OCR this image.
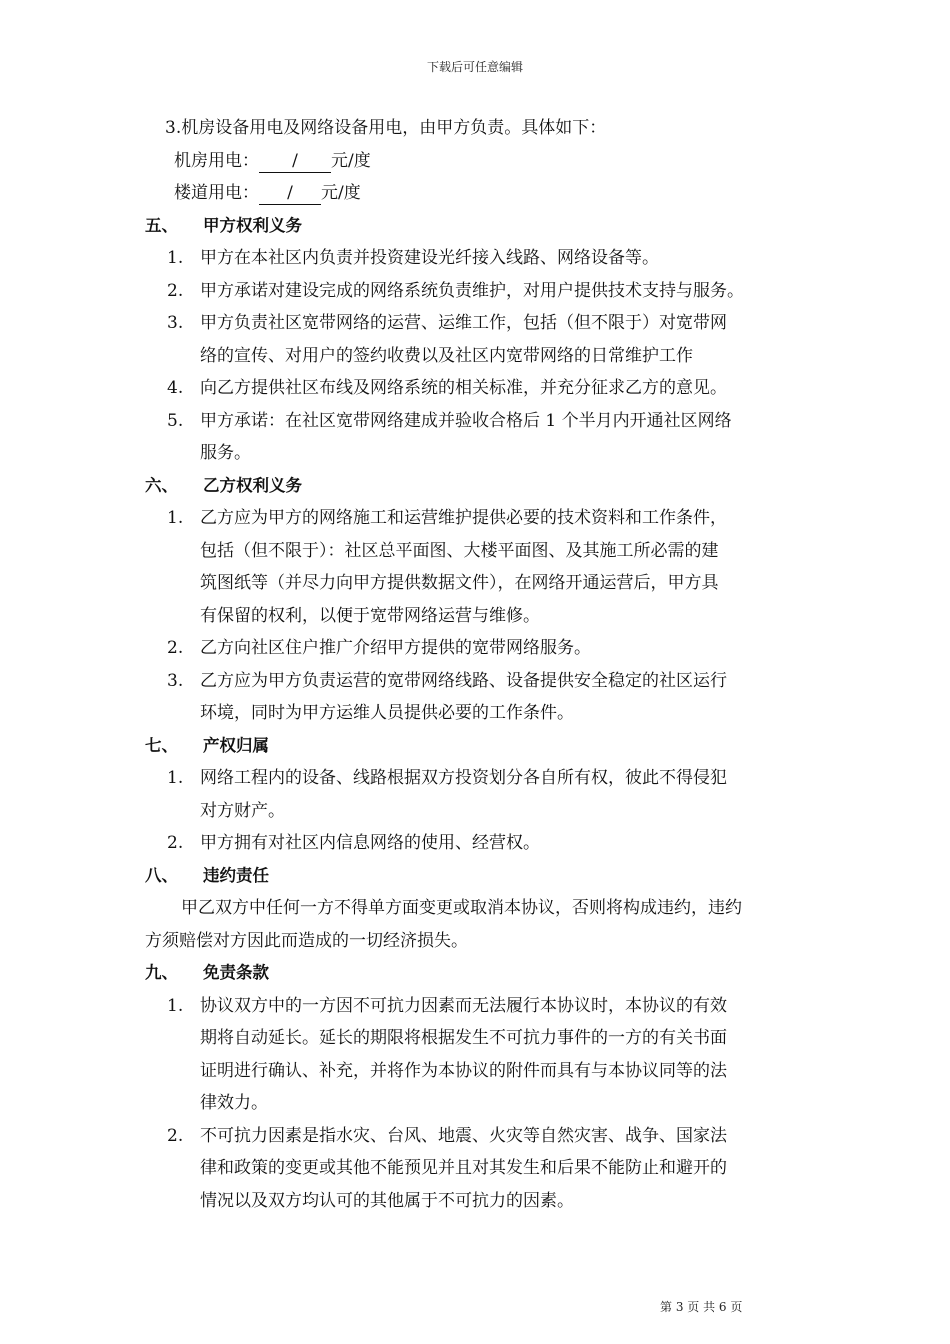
下载后可任意编辑
3.机房设备用电及网络设备用电，由甲方负责。具体如下：
机房用电： / 元/度
楼道用电： / 元/度
五、	甲方权利义务
1. 甲方在本社区内负责并投资建设光纤接入线路、网络设备等。
2. 甲方承诺对建设完成的网络系统负责维护，对用户提供技术支持与服务。
3. 甲方负责社区宽带网络的运营、运维工作，包括（但不限于）对宽带网
络的宣传、对用户的签约收费以及社区内宽带网络的日常维护工作
4. 向乙方提供社区布线及网络系统的相关标准，并充分征求乙方的意见。
5. 甲方承诺：在社区宽带网络建成并验收合格后 1 个半月内开通社区网络
服务。
六、	乙方权利义务
1. 乙方应为甲方的网络施工和运营维护提供必要的技术资料和工作条件，
包括（但不限于）：社区总平面图、大楼平面图、及其施工所必需的建
筑图纸等（并尽力向甲方提供数据文件），在网络开通运营后，甲方具
有保留的权利，以便于宽带网络运营与维修。
2. 乙方向社区住户推广介绍甲方提供的宽带网络服务。
3. 乙方应为甲方负责运营的宽带网络线路、设备提供安全稳定的社区运行
环境，同时为甲方运维人员提供必要的工作条件。
七、	产权归属
1. 网络工程内的设备、线路根据双方投资划分各自所有权，彼此不得侵犯
对方财产。
2. 甲方拥有对社区内信息网络的使用、经营权。
八、	违约责任
甲乙双方中任何一方不得单方面变更或取消本协议，否则将构成违约，违约
方须赔偿对方因此而造成的一切经济损失。
九、	免责条款
1. 协议双方中的一方因不可抗力因素而无法履行本协议时，本协议的有效
期将自动延长。延长的期限将根据发生不可抗力事件的一方的有关书面
证明进行确认、补充，并将作为本协议的附件而具有与本协议同等的法
律效力。
2. 不可抗力因素是指水灾、台风、地震、火灾等自然灾害、战争、国家法
律和政策的变更或其他不能预见并且对其发生和后果不能防止和避开的
情况以及双方均认可的其他属于不可抗力的因素。
第 3 页 共 6 页
